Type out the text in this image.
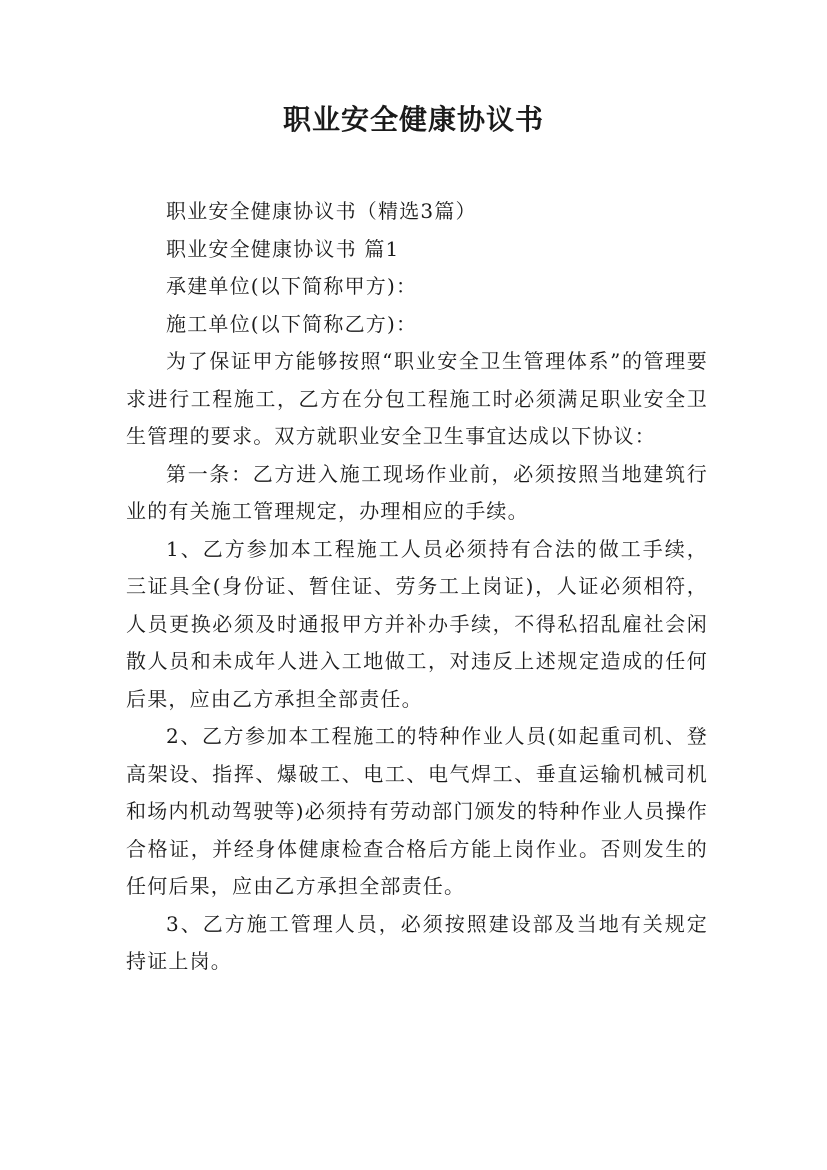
职业安全健康协议书

职业安全健康协议书（精选3篇）

职业安全健康协议书 篇1

承建单位(以下简称甲方)：

施工单位(以下简称乙方)：

为了保证甲方能够按照“职业安全卫生管理体系”的管理要求进行工程施工，乙方在分包工程施工时必须满足职业安全卫生管理的要求。双方就职业安全卫生事宜达成以下协议：

第一条：乙方进入施工现场作业前，必须按照当地建筑行业的有关施工管理规定，办理相应的手续。

1、乙方参加本工程施工人员必须持有合法的做工手续，三证具全(身份证、暂住证、劳务工上岗证)，人证必须相符，人员更换必须及时通报甲方并补办手续，不得私招乱雇社会闲散人员和未成年人进入工地做工，对违反上述规定造成的任何后果，应由乙方承担全部责任。

2、乙方参加本工程施工的特种作业人员(如起重司机、登高架设、指挥、爆破工、电工、电气焊工、垂直运输机械司机和场内机动驾驶等)必须持有劳动部门颁发的特种作业人员操作合格证，并经身体健康检查合格后方能上岗作业。否则发生的任何后果，应由乙方承担全部责任。

3、乙方施工管理人员，必须按照建设部及当地有关规定持证上岗。
